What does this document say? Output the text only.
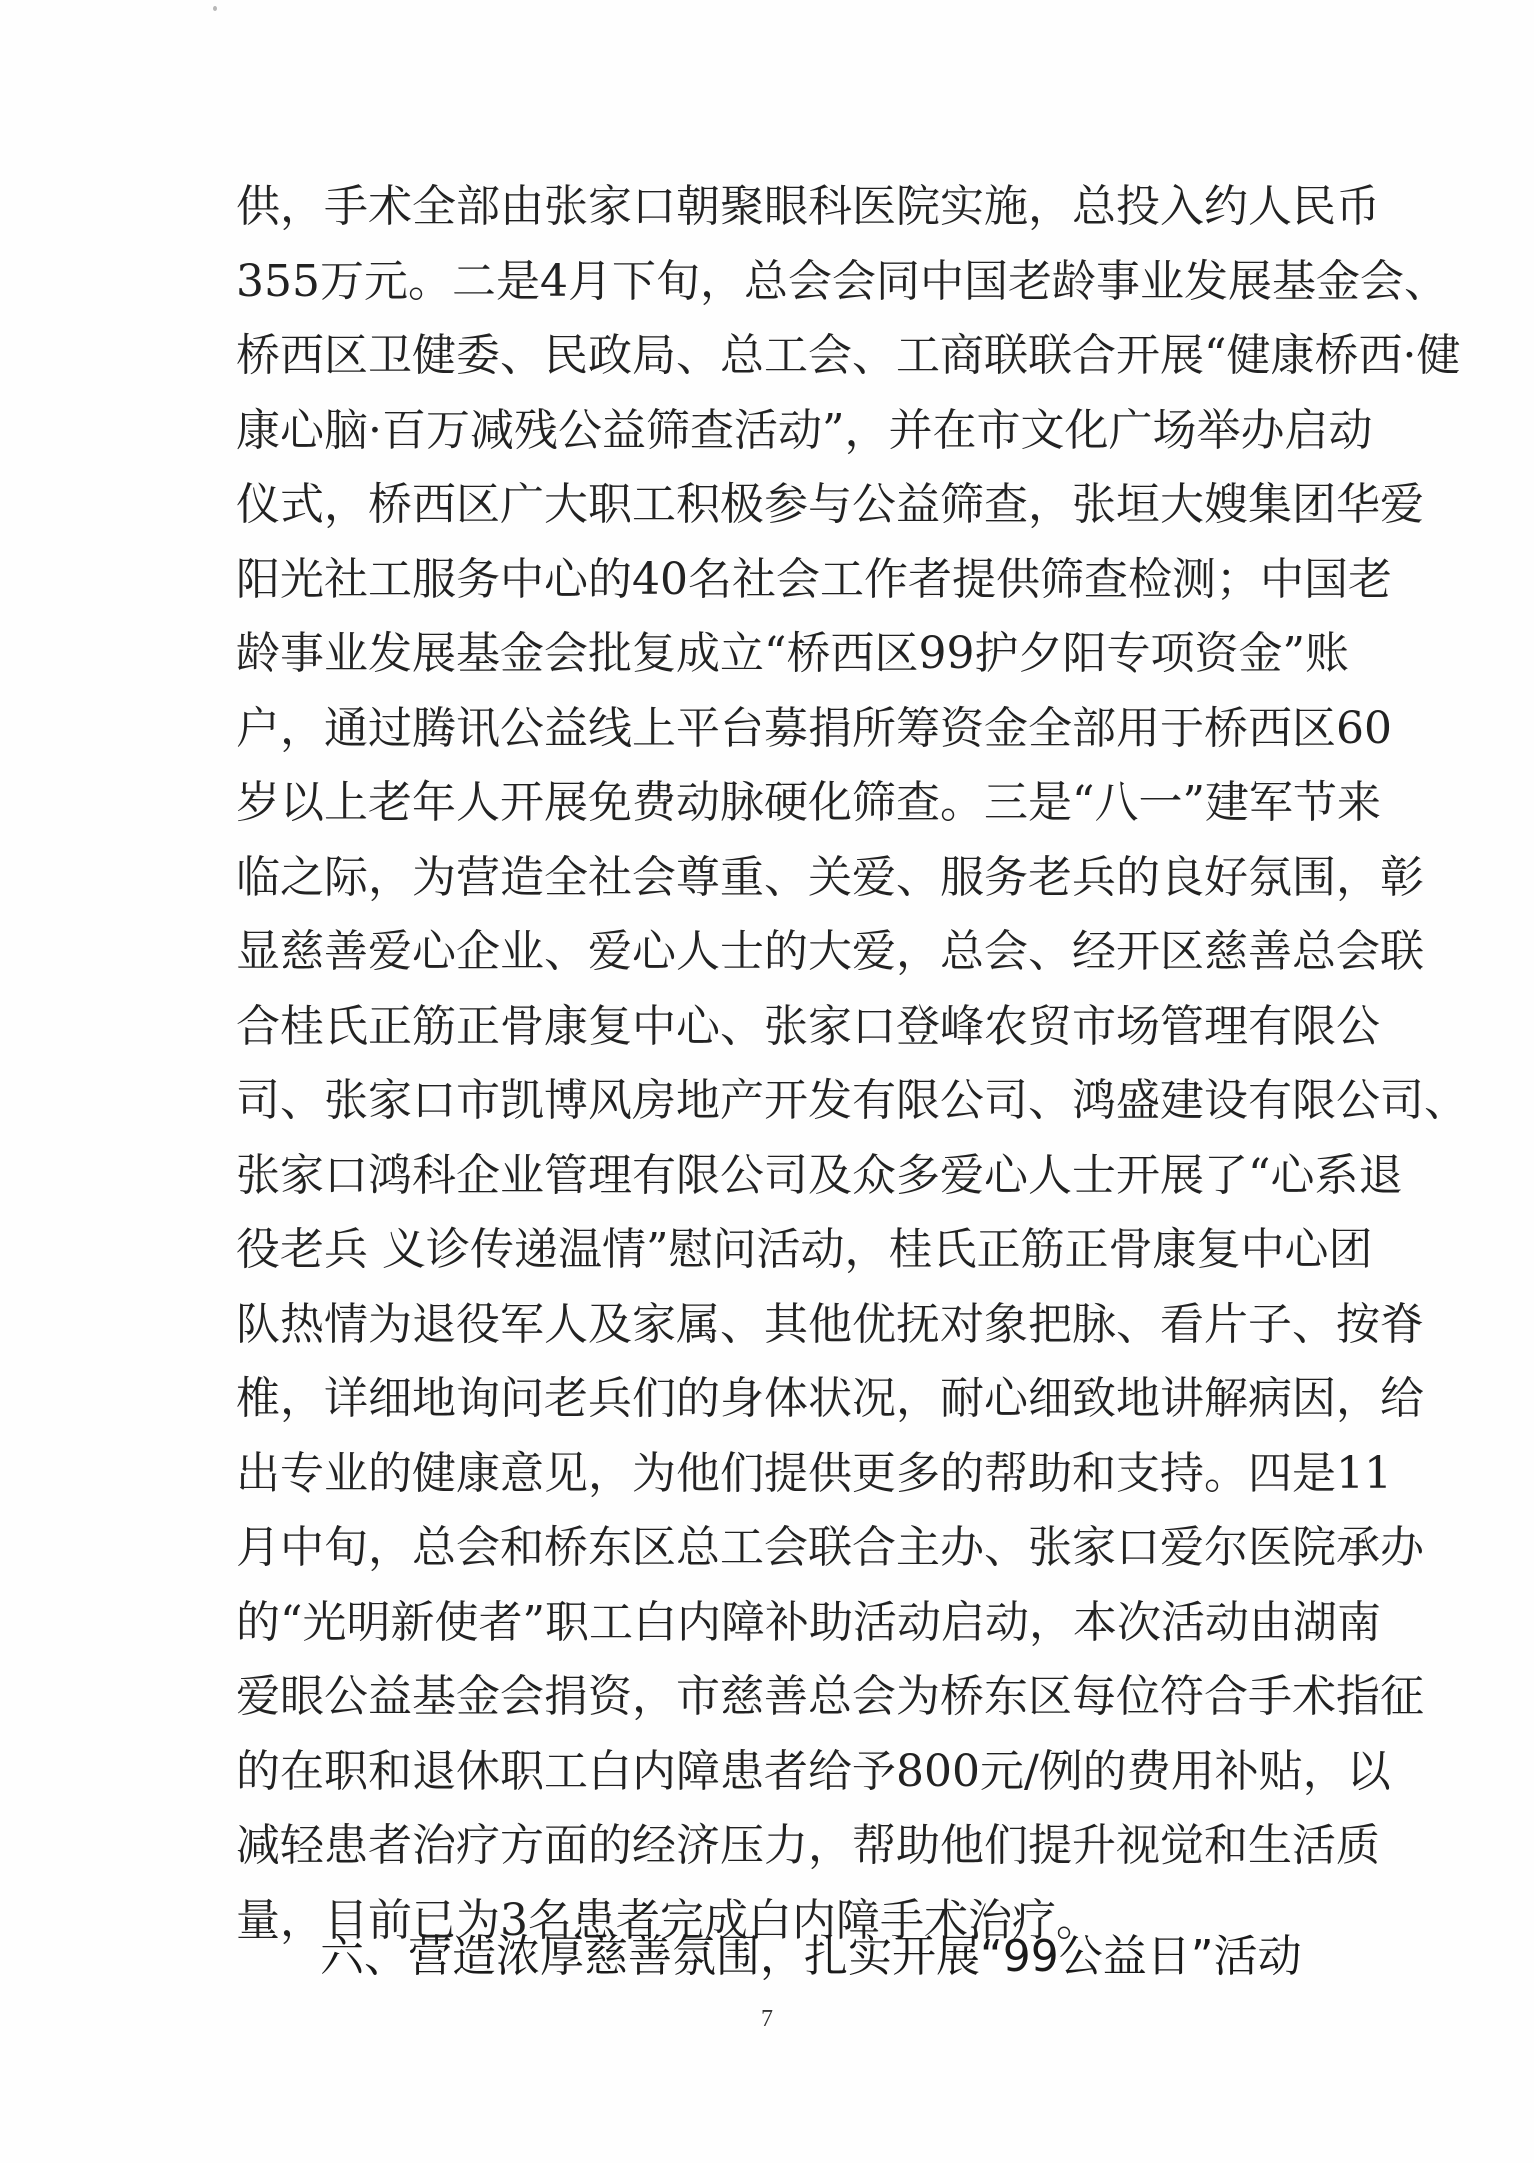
供，手术全部由张家口朝聚眼科医院实施，总投入约人民币
355万元。二是4月下旬，总会会同中国老龄事业发展基金会、
桥西区卫健委、民政局、总工会、工商联联合开展“健康桥西·健
康心脑·百万减残公益筛查活动”，并在市文化广场举办启动
仪式，桥西区广大职工积极参与公益筛查，张垣大嫂集团华爱
阳光社工服务中心的40名社会工作者提供筛查检测；中国老
龄事业发展基金会批复成立“桥西区99护夕阳专项资金”账
户，通过腾讯公益线上平台募捐所筹资金全部用于桥西区60
岁以上老年人开展免费动脉硬化筛查。三是“八一”建军节来
临之际，为营造全社会尊重、关爱、服务老兵的良好氛围，彰
显慈善爱心企业、爱心人士的大爱，总会、经开区慈善总会联
合桂氏正筋正骨康复中心、张家口登峰农贸市场管理有限公
司、张家口市凯博风房地产开发有限公司、鸿盛建设有限公司、
张家口鸿科企业管理有限公司及众多爱心人士开展了“心系退
役老兵 义诊传递温情”慰问活动，桂氏正筋正骨康复中心团
队热情为退役军人及家属、其他优抚对象把脉、看片子、按脊
椎，详细地询问老兵们的身体状况，耐心细致地讲解病因，给
出专业的健康意见，为他们提供更多的帮助和支持。四是11
月中旬，总会和桥东区总工会联合主办、张家口爱尔医院承办
的“光明新使者”职工白内障补助活动启动，本次活动由湖南
爱眼公益基金会捐资，市慈善总会为桥东区每位符合手术指征
的在职和退休职工白内障患者给予800元/例的费用补贴，以
减轻患者治疗方面的经济压力，帮助他们提升视觉和生活质
量，目前已为3名患者完成白内障手术治疗。
六、营造浓厚慈善氛围，扎实开展“99公益日”活动
7
